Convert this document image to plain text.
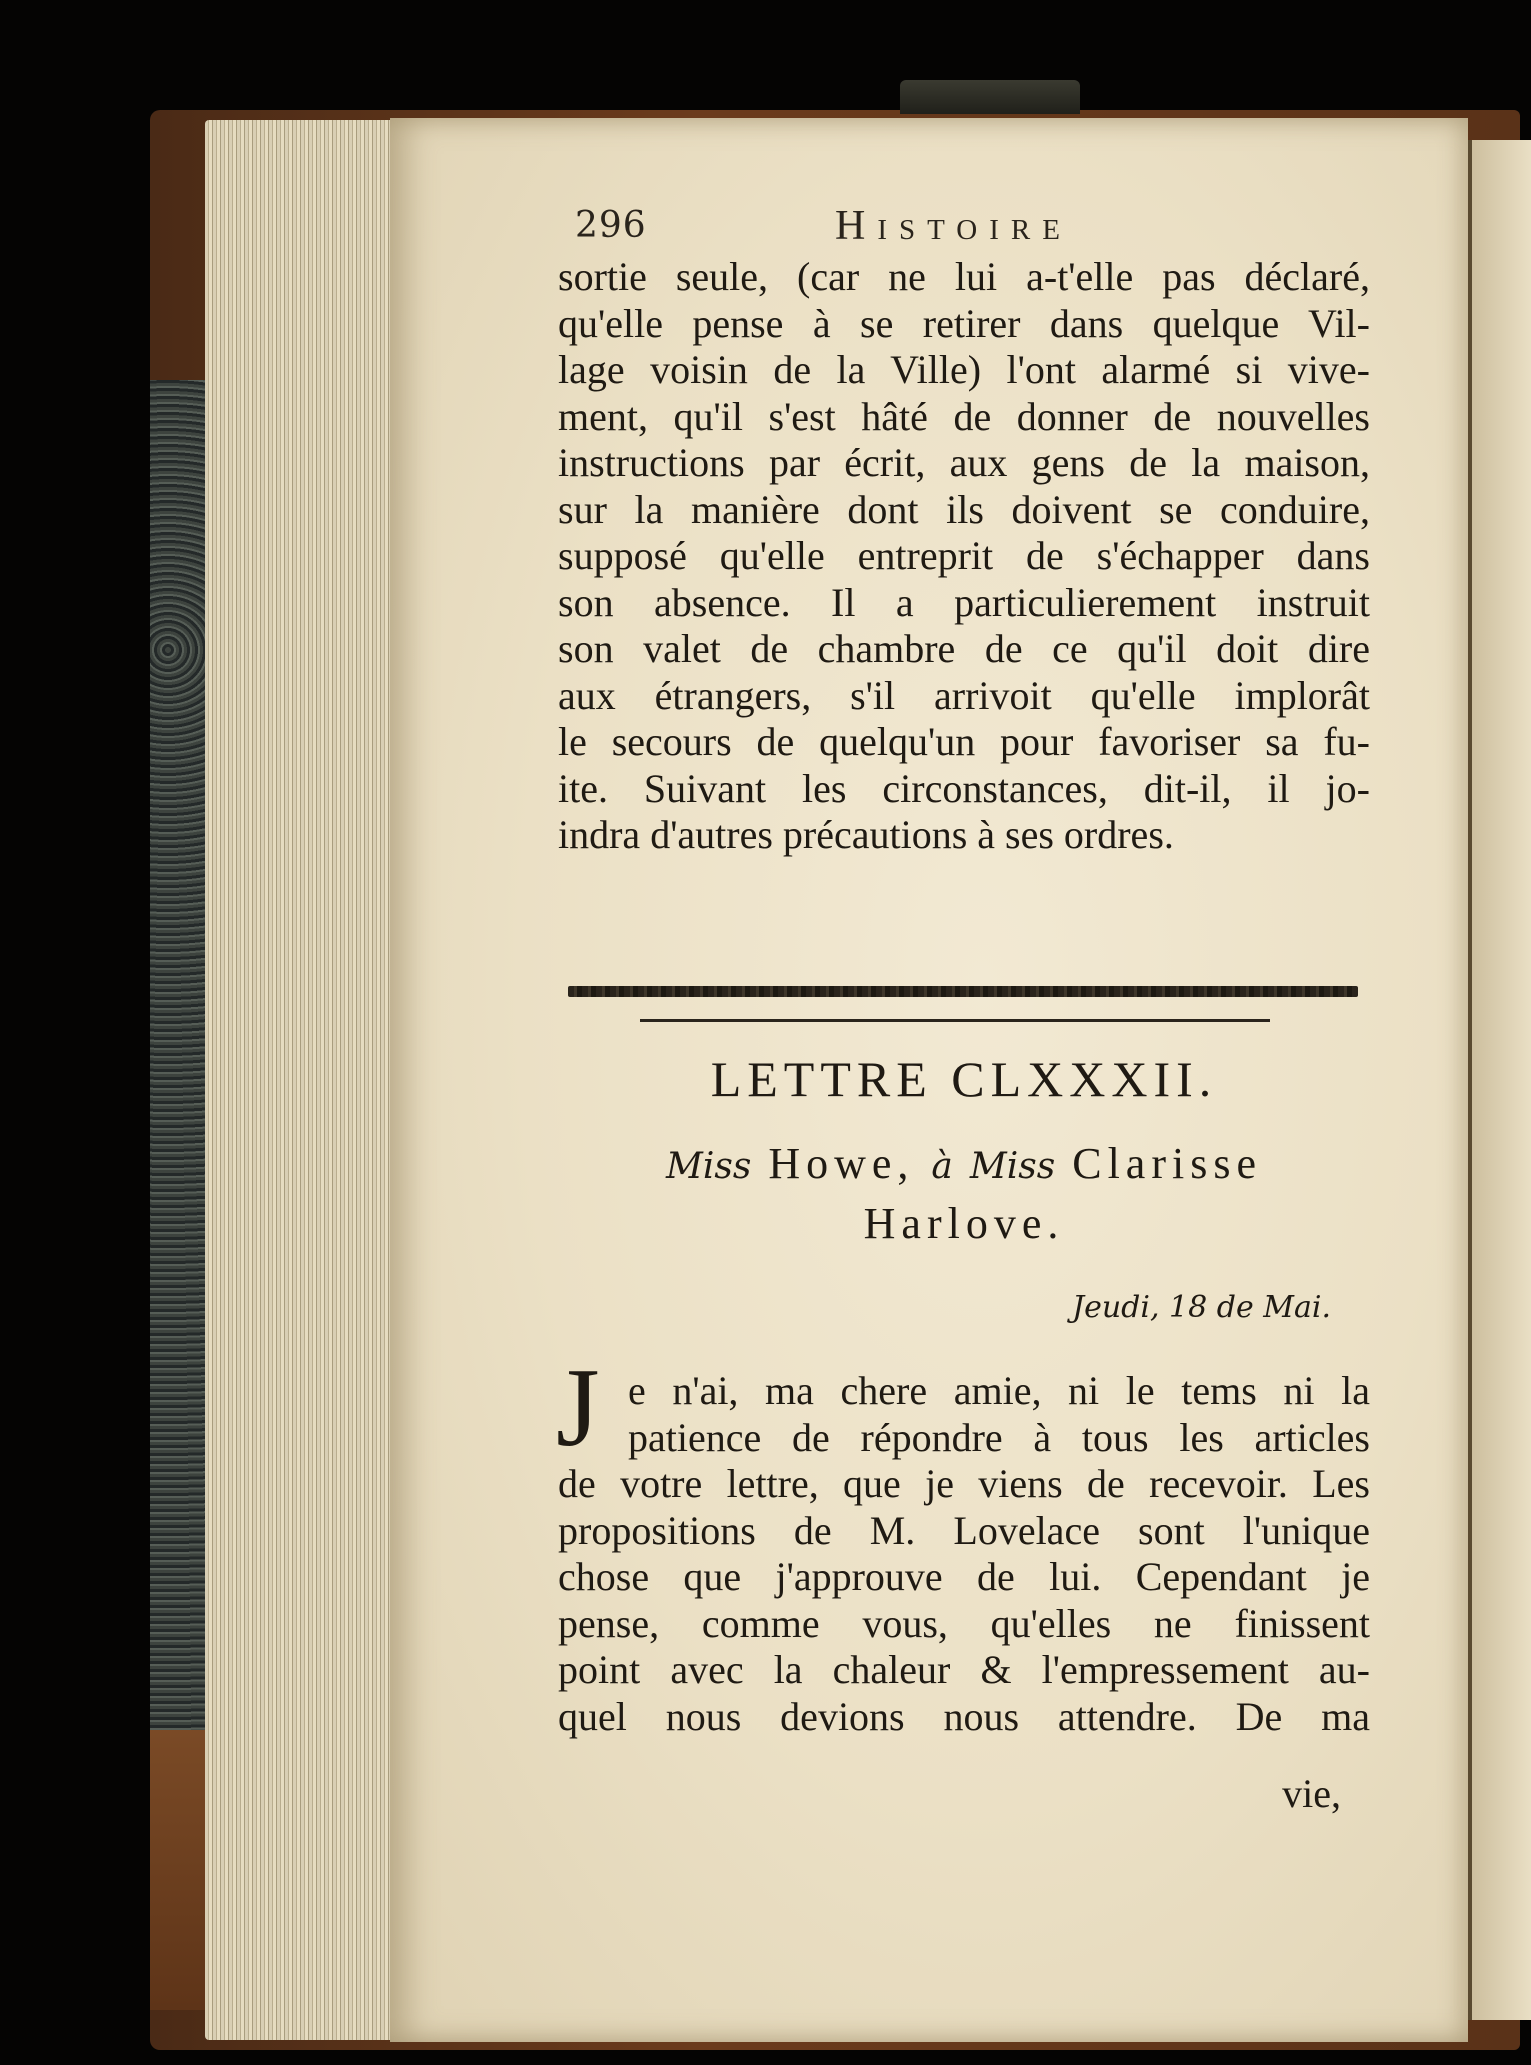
296	Histoire
sortie seule, (car ne lui a-t'elle pas déclaré,
qu'elle pense à se retirer dans quelque Vil-
lage voisin de la Ville) l'ont alarmé si vive-
ment, qu'il s'est hâté de donner de nouvelles
instructions par écrit, aux gens de la maison,
sur la manière dont ils doivent se conduire,
supposé qu'elle entreprit de s'échapper dans
son absence. Il a particulierement instruit
son valet de chambre de ce qu'il doit dire
aux étrangers, s'il arrivoit qu'elle implorât
le secours de quelqu'un pour favoriser sa fu-
ite. Suivant les circonstances, dit-il, il jo-
indra d'autres précautions à ses ordres.
LETTRE CLXXXII.
Miss Howe, à Miss Clarisse
Harlove.
Jeudi, 18 de Mai.
J e n'ai, ma chere amie, ni le tems ni la
patience de répondre à tous les articles
de votre lettre, que je viens de recevoir. Les
propositions de M. Lovelace sont l'unique
chose que j'approuve de lui. Cependant je
pense, comme vous, qu'elles ne finissent
point avec la chaleur & l'empressement au-
quel nous devions nous attendre. De ma
vie,
